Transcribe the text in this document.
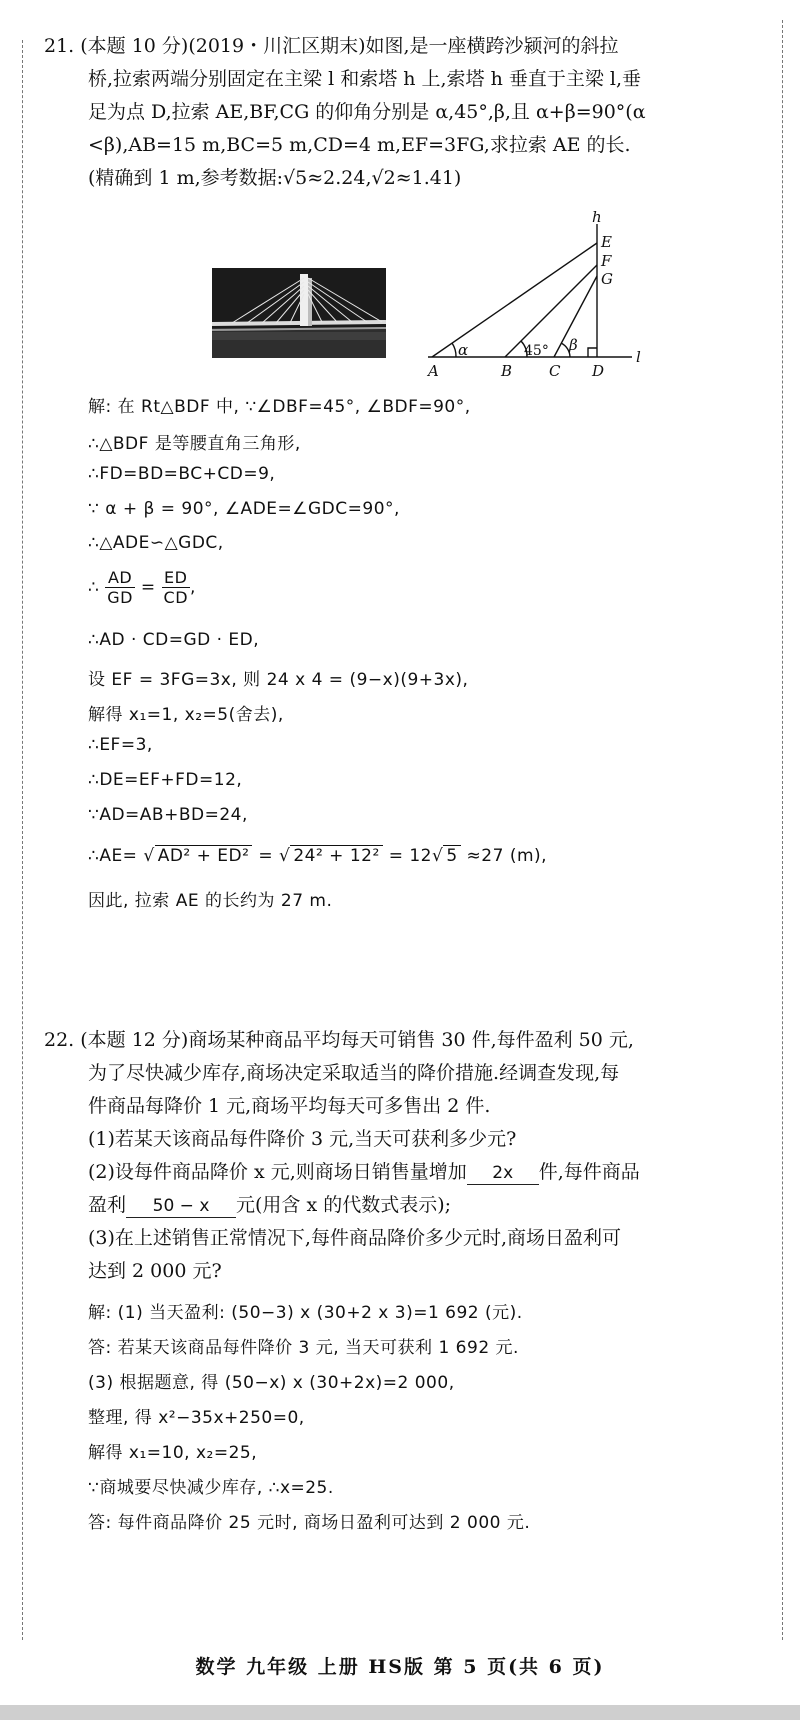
21. (本题 10 分)(2019・川汇区期末)如图,是一座横跨沙颍河的斜拉

桥,拉索两端分别固定在主梁 l 和索塔 h 上,索塔 h 垂直于主梁 l,垂

足为点 D,拉索 AE,BF,CG 的仰角分别是 α,45°,β,且 α+β=90°(α

<β),AB=15 m,BC=5 m,CD=4 m,EF=3FG,求拉索 AE 的长.

(精确到 1 m,参考数据:√5≈2.24,√2≈1.41)

h
E
F
G
A	B C D
l
α	45° β
解: 在 Rt△BDF 中, ∵∠DBF=45°, ∠BDF=90°,
∴△BDF 是等腰直角三角形,
∴FD=BD=BC+CD=9,
∵ α + β = 90°, ∠ADE=∠GDC=90°,
∴△ADE∽△GDC,
∴ $\frac{AD}{GD} = \frac{ED}{CD}$ ,
∴AD · CD=GD · ED,
设 EF = 3FG=3x, 则 24 x 4 = (9−x)(9+3x),
解得 x₁=1, x₂=5(舍去),
∴EF=3,
∴DE=EF+FD=12,
∵AD=AB+BD=24,
∴AE= √ AD² + ED² = √ 24² + 12² = 12√ 5 ≈27 (m),
因此, 拉索 AE 的长约为 27 m.

22. (本题 12 分)商场某种商品平均每天可销售 30 件,每件盈利 50 元,

为了尽快减少库存,商场决定采取适当的降价措施.经调查发现,每

件商品每降价 1 元,商场平均每天可多售出 2 件.

(1)若某天该商品每件降价 3 元,当天可获利多少元?

(2)设每件商品降价 x 元,则商场日销售量增加 2x 件,每件商品

盈利 50 − x 元(用含 x 的代数式表示);

(3)在上述销售正常情况下,每件商品降价多少元时,商场日盈利可

达到 2 000 元?

解: (1) 当天盈利: (50−3) x (30+2 x 3)=1 692 (元).
答: 若某天该商品每件降价 3 元, 当天可获利 1 692 元.
(3) 根据题意, 得 (50−x) x (30+2x)=2 000,
整理, 得 x²−35x+250=0,
解得 x₁=10, x₂=25,
∵商城要尽快减少库存, ∴x=25.
答: 每件商品降价 25 元时, 商场日盈利可达到 2 000 元.
数学 九年级 上册 HS版 第 5 页(共 6 页)
